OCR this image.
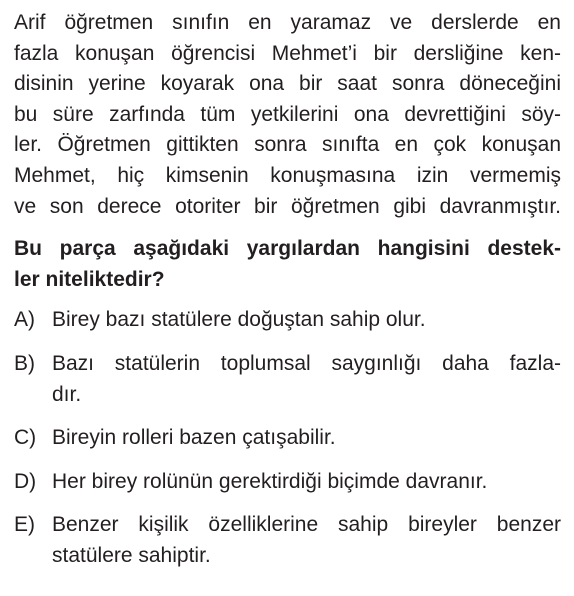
Arif öğretmen sınıfın en yaramaz ve derslerde en
fazla konuşan öğrencisi Mehmet’i bir dersliğine ken-
disinin yerine koyarak ona bir saat sonra döneceğini
bu süre zarfında tüm yetkilerini ona devrettiğini söy-
ler. Öğretmen gittikten sonra sınıfta en çok konuşan
Mehmet, hiç kimsenin konuşmasına izin vermemiş
ve son derece otoriter bir öğretmen gibi davranmıştır.
Bu parça aşağıdaki yargılardan hangisini destek-
ler niteliktedir?
A) Birey bazı statülere doğuştan sahip olur.
B) Bazı statülerin toplumsal saygınlığı daha fazla-
dır.
C) Bireyin rolleri bazen çatışabilir.
D) Her birey rolünün gerektirdiği biçimde davranır.
E) Benzer kişilik özelliklerine sahip bireyler benzer
statülere sahiptir.
